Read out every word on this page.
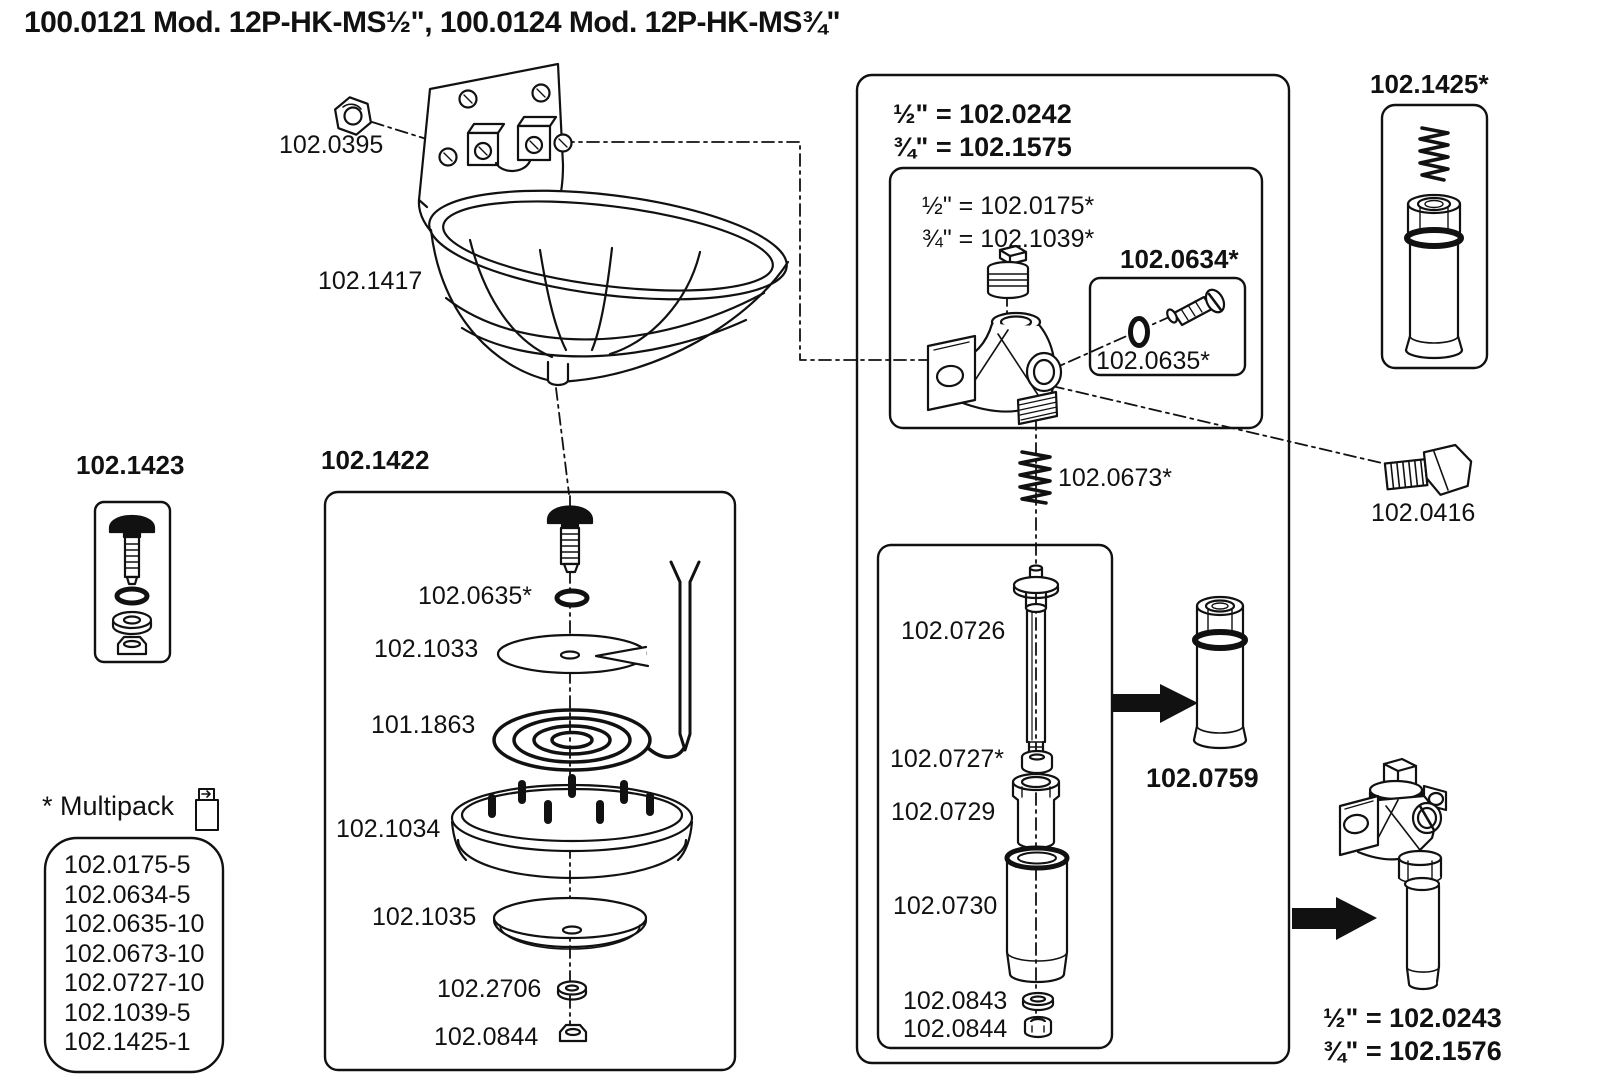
100.0121 Mod. 12P-HK-MS½", 100.0124 Mod. 12P-HK-MS¾"
102.0395
102.1417
102.1423
* Multipack
102.0175-5
102.0634-5
102.0635-10
102.0673-10
102.0727-10
102.1039-5
102.1425-1
102.1422
102.0635*
102.1033
101.1863
102.1034
102.1035
102.2706
102.0844
½" = 102.0242
¾" = 102.1575
½" = 102.0175*
¾" = 102.1039*
102.0634*
102.0635*
102.0673*
102.0726
102.0727*
102.0729
102.0730
102.0843
102.0844
102.0759
102.1425*
102.0416
½" = 102.0243
¾" = 102.1576
